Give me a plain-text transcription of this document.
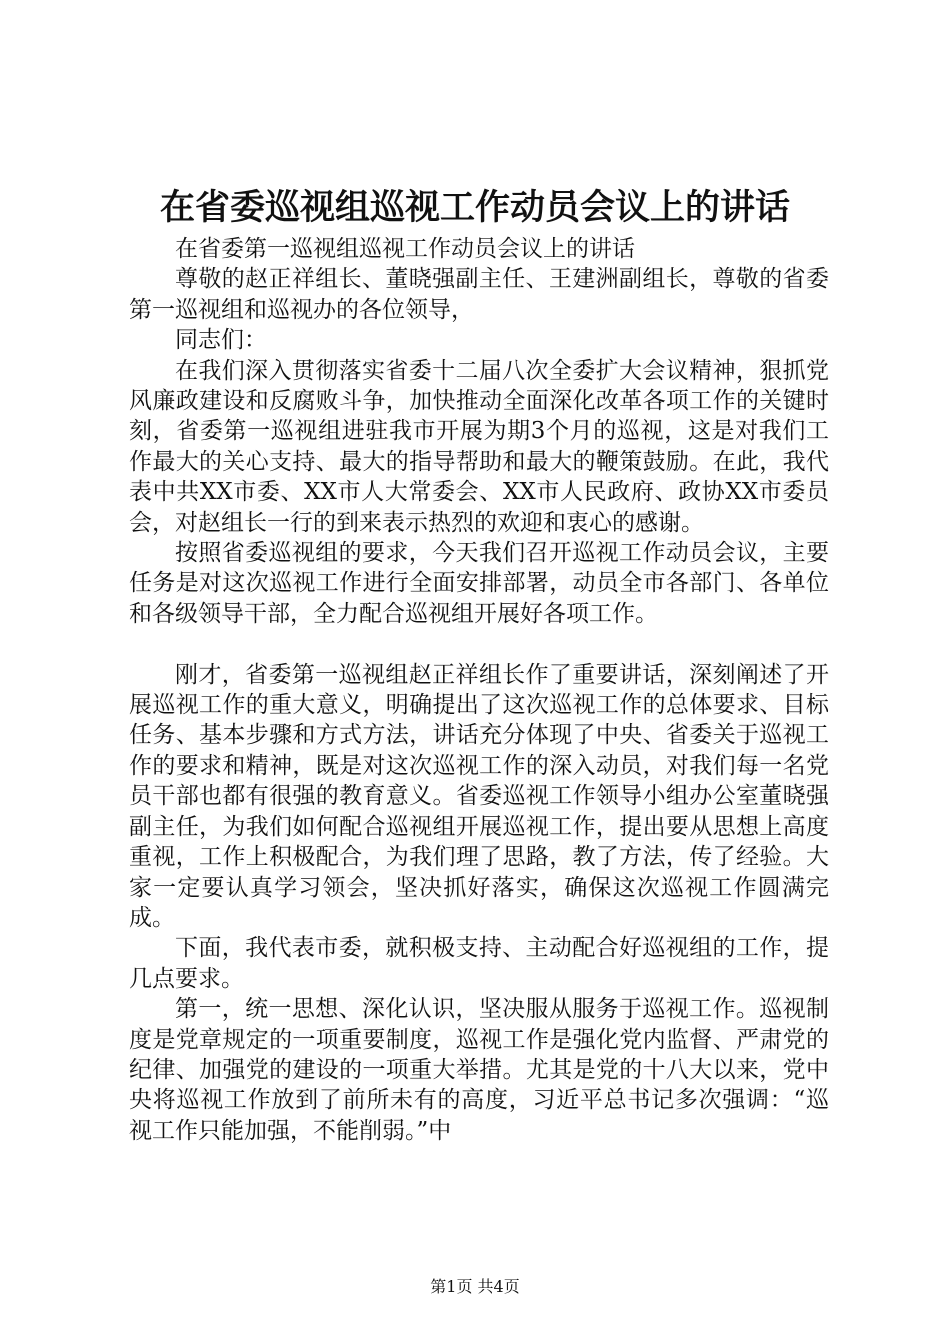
在省委巡视组巡视工作动员会议上的讲话

在省委第一巡视组巡视工作动员会议上的讲话

尊敬的赵正祥组长、董晓强副主任、王建洲副组长，尊敬的省委第一巡视组和巡视办的各位领导，

同志们：

在我们深入贯彻落实省委十二届八次全委扩大会议精神，狠抓党风廉政建设和反腐败斗争，加快推动全面深化改革各项工作的关键时刻，省委第一巡视组进驻我市开展为期3个月的巡视，这是对我们工作最大的关心支持、最大的指导帮助和最大的鞭策鼓励。在此，我代表中共XX市委、XX市人大常委会、XX市人民政府、政协XX市委员会，对赵组长一行的到来表示热烈的欢迎和衷心的感谢。

按照省委巡视组的要求，今天我们召开巡视工作动员会议，主要任务是对这次巡视工作进行全面安排部署，动员全市各部门、各单位和各级领导干部，全力配合巡视组开展好各项工作。

刚才，省委第一巡视组赵正祥组长作了重要讲话，深刻阐述了开展巡视工作的重大意义，明确提出了这次巡视工作的总体要求、目标任务、基本步骤和方式方法，讲话充分体现了中央、省委关于巡视工作的要求和精神，既是对这次巡视工作的深入动员，对我们每一名党员干部也都有很强的教育意义。省委巡视工作领导小组办公室董晓强副主任，为我们如何配合巡视组开展巡视工作，提出要从思想上高度重视，工作上积极配合，为我们理了思路，教了方法，传了经验。大家一定要认真学习领会，坚决抓好落实，确保这次巡视工作圆满完成。

下面，我代表市委，就积极支持、主动配合好巡视组的工作，提几点要求。

第一，统一思想、深化认识，坚决服从服务于巡视工作。巡视制度是党章规定的一项重要制度，巡视工作是强化党内监督、严肃党的纪律、加强党的建设的一项重大举措。尤其是党的十八大以来，党中央将巡视工作放到了前所未有的高度，习近平总书记多次强调：“巡视工作只能加强，不能削弱。”中

第1页 共4页
